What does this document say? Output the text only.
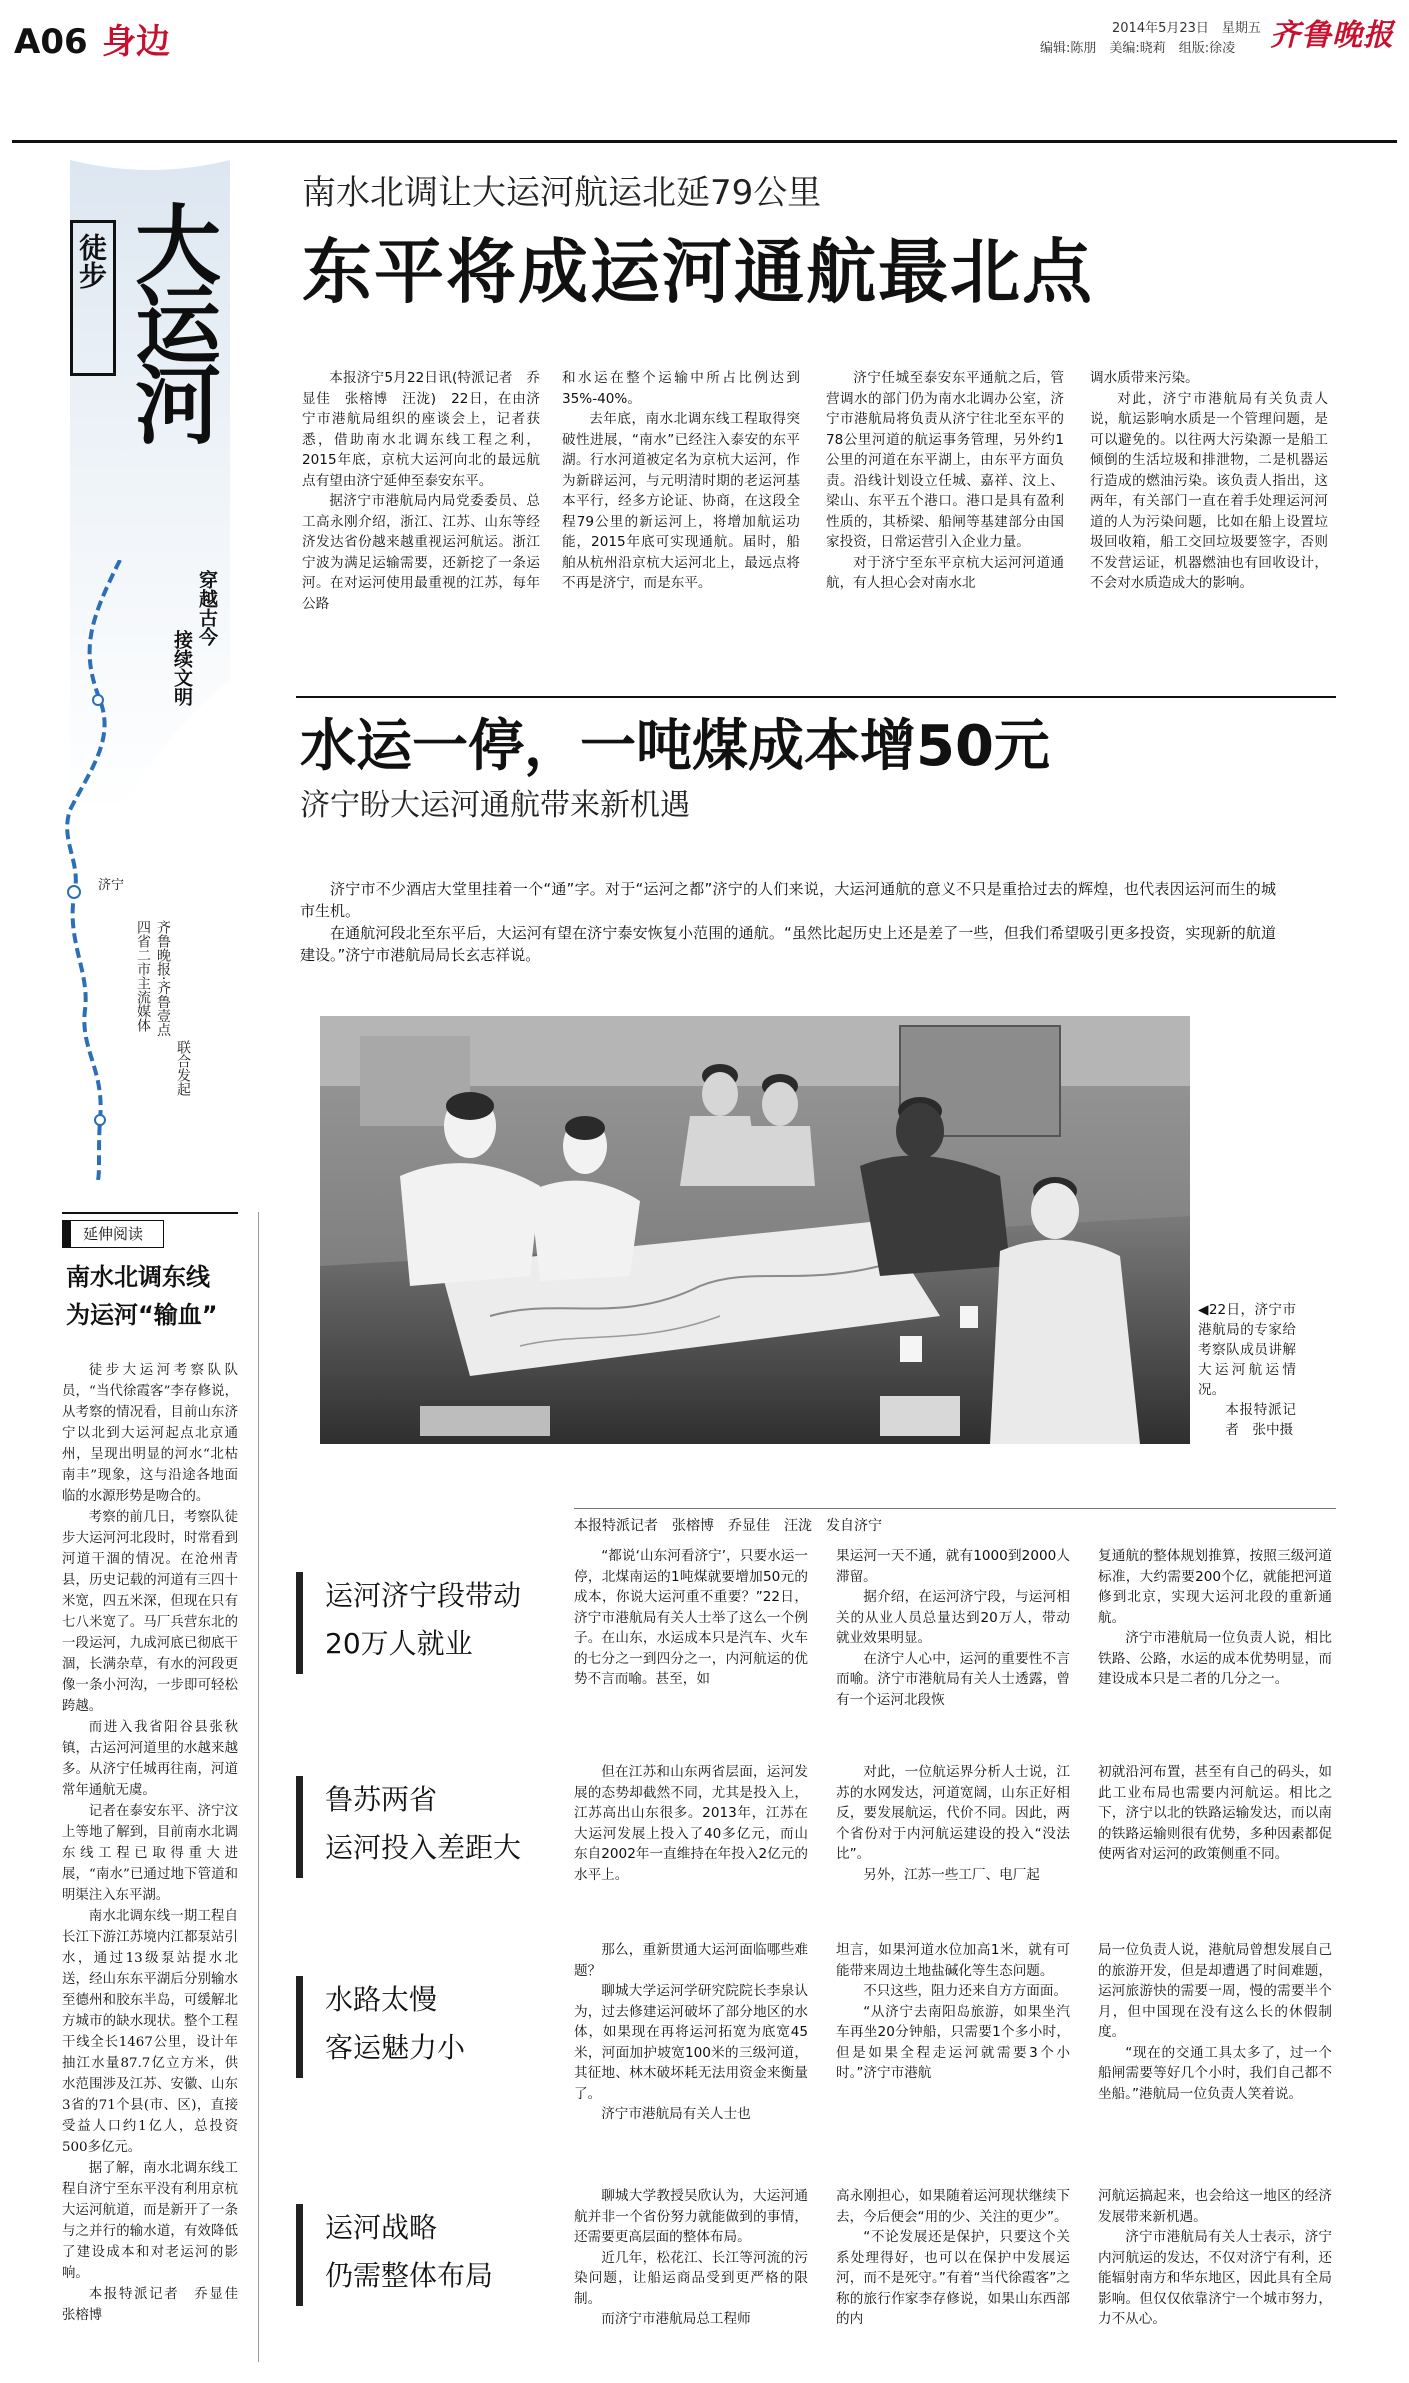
A06 身边	2014年5月23日　 星期五
编辑:陈朋　美编:晓莉　组版:徐凌 齐鲁晚报
徒步 大运河
穿越古今
接续文明
济宁
齐鲁晚报·齐鲁壹点
四省二市主流媒体
联合发起
延伸阅读
南水北调东线
为运河“输血”

徒步大运河考察队队员，“当代徐霞客”李存修说，从考察的情况看，目前山东济宁以北到大运河起点北京通州，呈现出明显的河水“北枯南丰”现象，这与沿途各地面临的水源形势是吻合的。

考察的前几日，考察队徒步大运河河北段时，时常看到河道干涸的情况。在沧州青县，历史记载的河道有三四十米宽，四五米深，但现在只有七八米宽了。马厂兵营东北的一段运河，九成河底已彻底干涸，长满杂草，有水的河段更像一条小河沟，一步即可轻松跨越。

而进入我省阳谷县张秋镇，古运河河道里的水越来越多。从济宁任城再往南，河道常年通航无虞。

记者在泰安东平、济宁汶上等地了解到，目前南水北调东线工程已取得重大进展，“南水”已通过地下管道和明渠注入东平湖。

南水北调东线一期工程自长江下游江苏境内江都泵站引水，通过13级泵站提水北送，经山东东平湖后分别输水至德州和胶东半岛，可缓解北方城市的缺水现状。整个工程干线全长1467公里，设计年抽江水量87.7亿立方米，供水范围涉及江苏、安徽、山东3省的71个县(市、区)，直接受益人口约1亿人，总投资500多亿元。

据了解，南水北调东线工程自济宁至东平没有利用京杭大运河航道，而是新开了一条与之并行的输水道，有效降低了建设成本和对老运河的影响。

本报特派记者　乔显佳　张榕博

南水北调让大运河航运北延79公里
东平将成运河通航最北点

本报济宁5月22日讯(特派记者　乔显佳　张榕博　汪泷)　22日，在由济宁市港航局组织的座谈会上，记者获悉，借助南水北调东线工程之利，2015年底，京杭大运河向北的最远航点有望由济宁延伸至泰安东平。

据济宁市港航局内局党委委员、总工高永刚介绍，浙江、江苏、山东等经济发达省份越来越重视运河航运。浙江宁波为满足运输需要，还新挖了一条运河。在对运河使用最重视的江苏，每年公路

和水运在整个运输中所占比例达到35%-40%。

去年底，南水北调东线工程取得突破性进展，“南水”已经注入泰安的东平湖。行水河道被定名为京杭大运河，作为新辟运河，与元明清时期的老运河基本平行，经多方论证、协商，在这段全程79公里的新运河上，将增加航运功能，2015年底可实现通航。届时，船舶从杭州沿京杭大运河北上，最远点将不再是济宁，而是东平。

济宁任城至泰安东平通航之后，管营调水的部门仍为南水北调办公室，济宁市港航局将负责从济宁往北至东平的78公里河道的航运事务管理，另外约1公里的河道在东平湖上，由东平方面负责。沿线计划设立任城、嘉祥、汶上、梁山、东平五个港口。港口是具有盈利性质的，其桥梁、船闸等基建部分由国家投资，日常运营引入企业力量。

对于济宁至东平京杭大运河河道通航，有人担心会对南水北

调水质带来污染。

对此，济宁市港航局有关负责人说，航运影响水质是一个管理问题，是可以避免的。以往两大污染源一是船工倾倒的生活垃圾和排泄物，二是机器运行造成的燃油污染。该负责人指出，这两年，有关部门一直在着手处理运河河道的人为污染问题，比如在船上设置垃圾回收箱，船工交回垃圾要签字，否则不发营运证，机器燃油也有回收设计，不会对水质造成大的影响。

水运一停，一吨煤成本增50元
济宁盼大运河通航带来新机遇

济宁市不少酒店大堂里挂着一个“通”字。对于“运河之都”济宁的人们来说，大运河通航的意义不只是重拾过去的辉煌，也代表因运河而生的城市生机。

在通航河段北至东平后，大运河有望在济宁泰安恢复小范围的通航。“虽然比起历史上还是差了一些，但我们希望吸引更多投资，实现新的航道建设。”济宁市港航局局长玄志祥说。

◀22日，济宁市港航局的专家给考察队成员讲解大运河航运情况。
本报特派记者　张中摄
本报特派记者　张榕博　乔显佳　汪泷　发自济宁
运河济宁段带动
20万人就业

“都说‘山东河看济宁’，只要水运一停，北煤南运的1吨煤就要增加50元的成本，你说大运河重不重要？”22日，济宁市港航局有关人士举了这么一个例子。在山东，水运成本只是汽车、火车的七分之一到四分之一，内河航运的优势不言而喻。甚至，如

果运河一天不通，就有1000到2000人滞留。

据介绍，在运河济宁段，与运河相关的从业人员总量达到20万人，带动就业效果明显。

在济宁人心中，运河的重要性不言而喻。济宁市港航局有关人士透露，曾有一个运河北段恢

复通航的整体规划推算，按照三级河道标准，大约需要200个亿，就能把河道修到北京，实现大运河北段的重新通航。

济宁市港航局一位负责人说，相比铁路、公路，水运的成本优势明显，而建设成本只是二者的几分之一。

鲁苏两省
运河投入差距大

但在江苏和山东两省层面，运河发展的态势却截然不同，尤其是投入上，江苏高出山东很多。2013年，江苏在大运河发展上投入了40多亿元，而山东自2002年一直维持在年投入2亿元的水平上。

对此，一位航运界分析人士说，江苏的水网发达，河道宽阔，山东正好相反，要发展航运，代价不同。因此，两个省份对于内河航运建设的投入“没法比”。

另外，江苏一些工厂、电厂起

初就沿河布置，甚至有自己的码头，如此工业布局也需要内河航运。相比之下，济宁以北的铁路运输发达，而以南的铁路运输则很有优势，多种因素都促使两省对运河的政策侧重不同。

水路太慢
客运魅力小

那么，重新贯通大运河面临哪些难题？

聊城大学运河学研究院院长李泉认为，过去修建运河破坏了部分地区的水体，如果现在再将运河拓宽为底宽45米，河面加护坡宽100米的三级河道，其征地、林木破坏耗无法用资金来衡量了。

济宁市港航局有关人士也

坦言，如果河道水位加高1米，就有可能带来周边土地盐碱化等生态问题。

不只这些，阻力还来自方方面面。

“从济宁去南阳岛旅游，如果坐汽车再坐20分钟船，只需要1个多小时，但是如果全程走运河就需要3个小时。”济宁市港航

局一位负责人说，港航局曾想发展自己的旅游开发，但是却遭遇了时间难题，运河旅游快的需要一周，慢的需要半个月，但中国现在没有这么长的休假制度。

“现在的交通工具太多了，过一个船闸需要等好几个小时，我们自己都不坐船。”港航局一位负责人笑着说。

运河战略
仍需整体布局

聊城大学教授吴欣认为，大运河通航并非一个省份努力就能做到的事情，还需要更高层面的整体布局。

近几年，松花江、长江等河流的污染问题，让船运商品受到更严格的限制。

而济宁市港航局总工程师

高永刚担心，如果随着运河现状继续下去，今后便会“用的少、关注的更少”。

“不论发展还是保护，只要这个关系处理得好，也可以在保护中发展运河，而不是死守。”有着“当代徐霞客”之称的旅行作家李存修说，如果山东西部的内

河航运搞起来，也会给这一地区的经济发展带来新机遇。

济宁市港航局有关人士表示，济宁内河航运的发达，不仅对济宁有利，还能辐射南方和华东地区，因此具有全局影响。但仅仅依靠济宁一个城市努力，力不从心。
